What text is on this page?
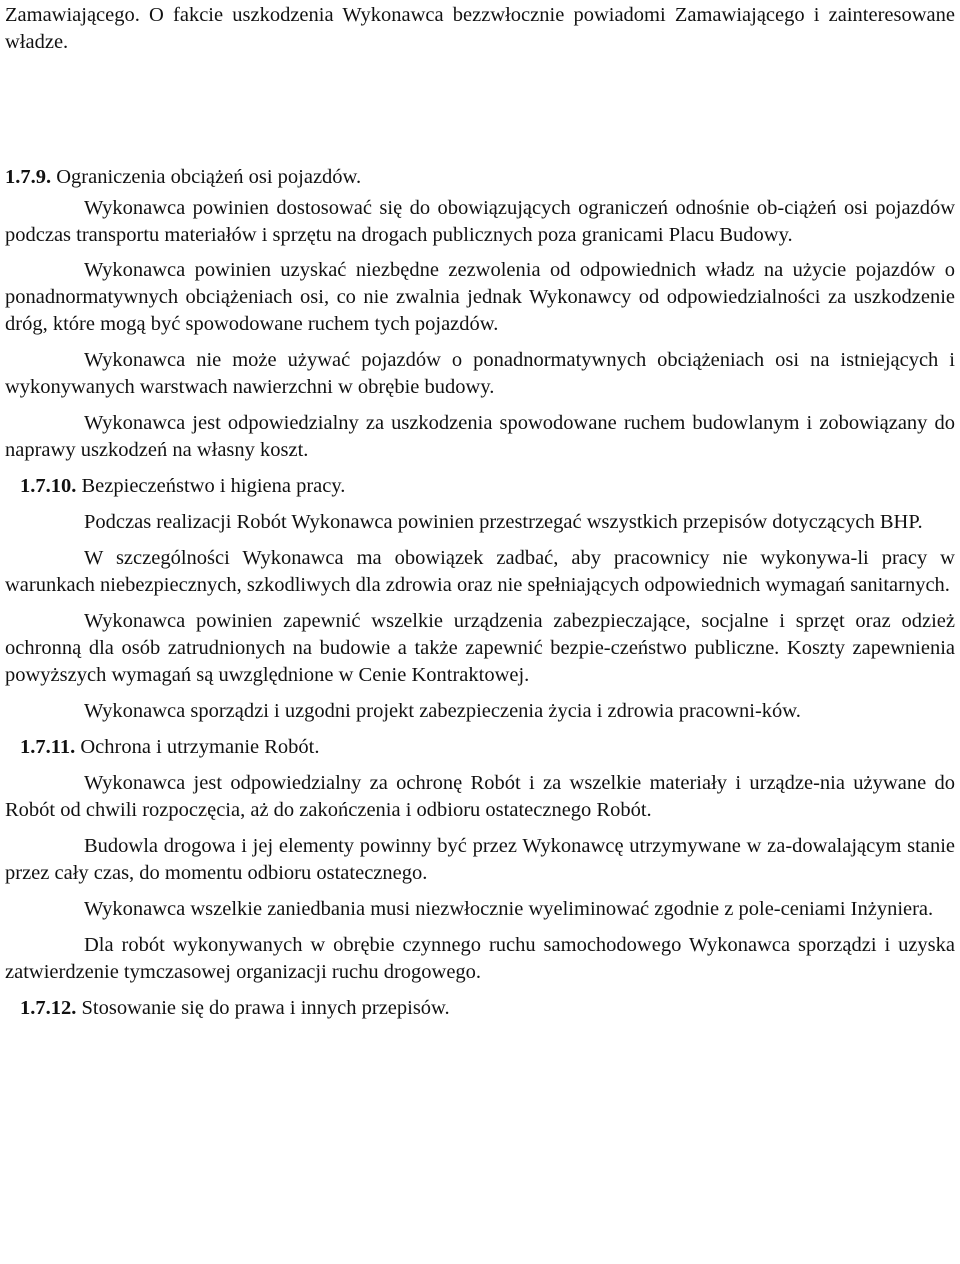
Zamawiającego. O fakcie uszkodzenia Wykonawca bezzwłocznie powiadomi Zamawiającego i zainteresowane władze.

1.7.9. Ograniczenia obciążeń osi pojazdów.

Wykonawca powinien dostosować się do obowiązujących ograniczeń odnośnie ob-ciążeń osi pojazdów podczas transportu materiałów i sprzętu na drogach publicznych poza granicami Placu Budowy.

Wykonawca powinien uzyskać niezbędne zezwolenia od odpowiednich władz na użycie pojazdów o ponadnormatywnych obciążeniach osi, co nie zwalnia jednak Wykonawcy od odpowiedzialności za uszkodzenie dróg, które mogą być spowodowane ruchem tych pojazdów.

Wykonawca nie może używać pojazdów o ponadnormatywnych obciążeniach osi na istniejących i wykonywanych warstwach nawierzchni w obrębie budowy.

Wykonawca jest odpowiedzialny za uszkodzenia spowodowane ruchem budowlanym i zobowiązany do naprawy uszkodzeń na własny koszt.

1.7.10. Bezpieczeństwo i higiena pracy.

Podczas realizacji Robót Wykonawca powinien przestrzegać wszystkich przepisów dotyczących BHP.

W szczególności Wykonawca ma obowiązek zadbać, aby pracownicy nie wykonywa-li pracy w warunkach niebezpiecznych, szkodliwych dla zdrowia oraz nie spełniających odpowiednich wymagań sanitarnych.

Wykonawca powinien zapewnić wszelkie urządzenia zabezpieczające, socjalne i sprzęt oraz odzież ochronną dla osób zatrudnionych na budowie a także zapewnić bezpie-czeństwo publiczne. Koszty zapewnienia powyższych wymagań są uwzględnione w Cenie Kontraktowej.

Wykonawca sporządzi i uzgodni projekt zabezpieczenia życia i zdrowia pracowni-ków.

1.7.11. Ochrona i utrzymanie Robót.

Wykonawca jest odpowiedzialny za ochronę Robót i za wszelkie materiały i urządze-nia używane do Robót od chwili rozpoczęcia, aż do zakończenia i odbioru ostatecznego Robót.

Budowla drogowa i jej elementy powinny być przez Wykonawcę utrzymywane w za-dowalającym stanie przez cały czas, do momentu odbioru ostatecznego.

Wykonawca wszelkie zaniedbania musi niezwłocznie wyeliminować zgodnie z pole-ceniami Inżyniera.

Dla robót wykonywanych w obrębie czynnego ruchu samochodowego Wykonawca sporządzi i uzyska zatwierdzenie tymczasowej organizacji ruchu drogowego.

1.7.12. Stosowanie się do prawa i innych przepisów.
